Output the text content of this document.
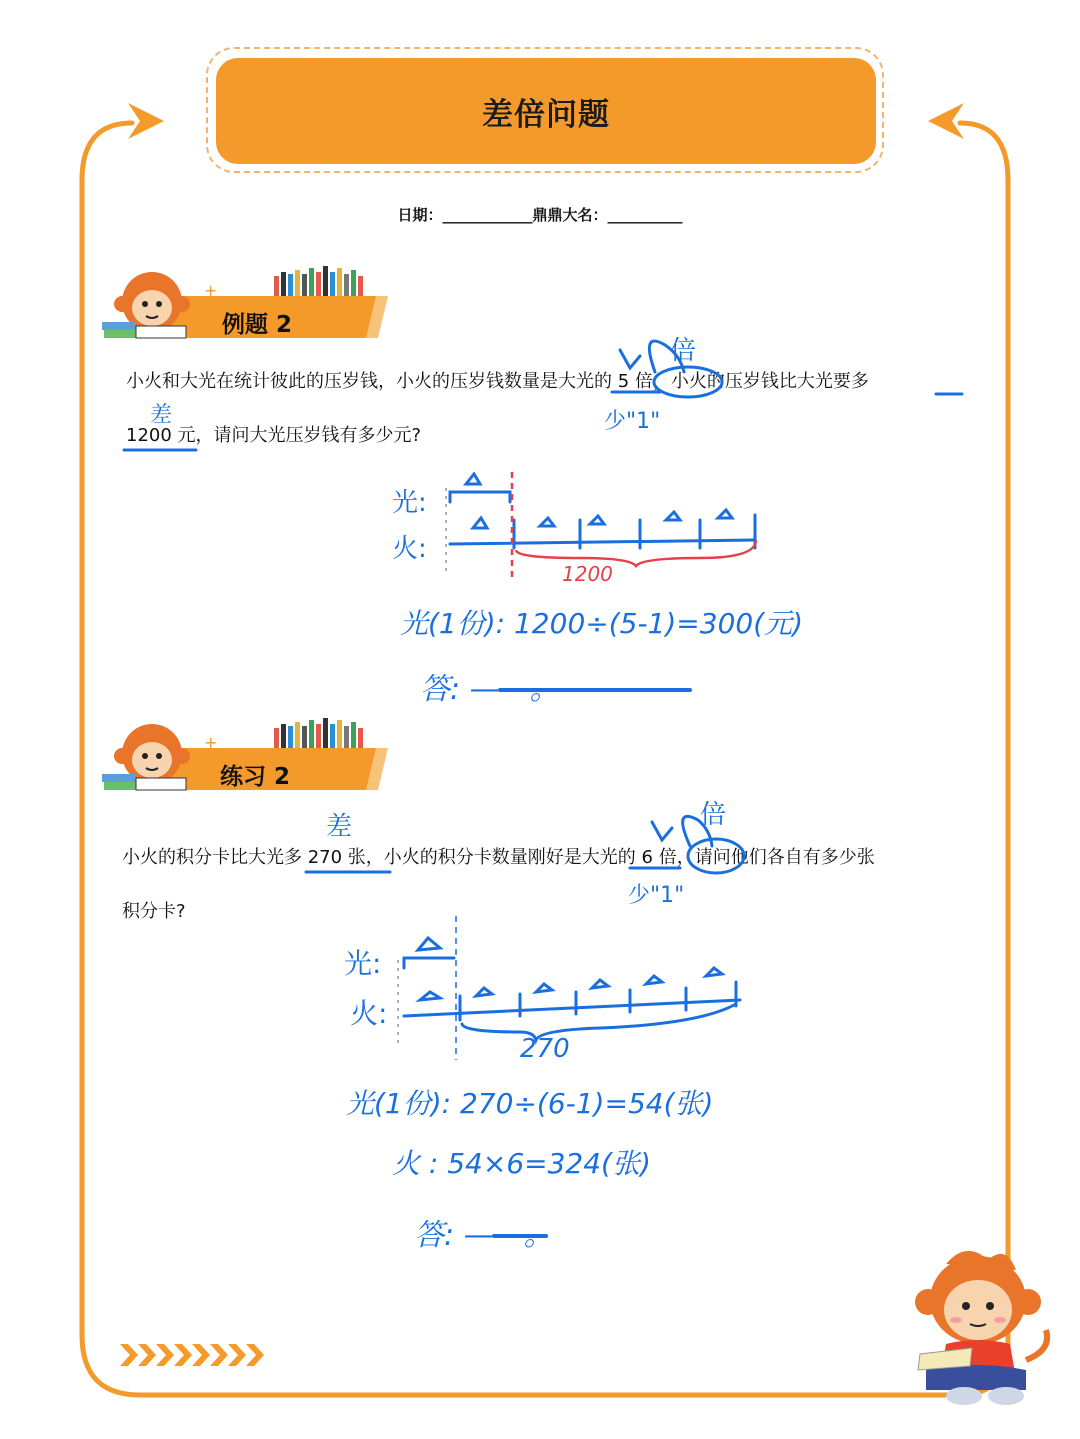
差倍问题
日期：____________鼎鼎大名：__________
+
例题 2
小火和大光在统计彼此的压岁钱，小火的压岁钱数量是大光的 5 倍，小火的压岁钱比大光要多
1200 元，请问大光压岁钱有多少元?
倍
少"1"
差
光:
火:
1200
光(1份): 1200÷(5-1)=300(元)
答: ——。
+
练习 2
小火的积分卡比大光多 270 张，小火的积分卡数量刚好是大光的 6 倍，请问他们各自有多少张
积分卡?
差	倍
少"1"
光:
火:
270
光(1份): 270÷(6-1)=54(张)
火 : 54×6=324(张)
答: ——。
